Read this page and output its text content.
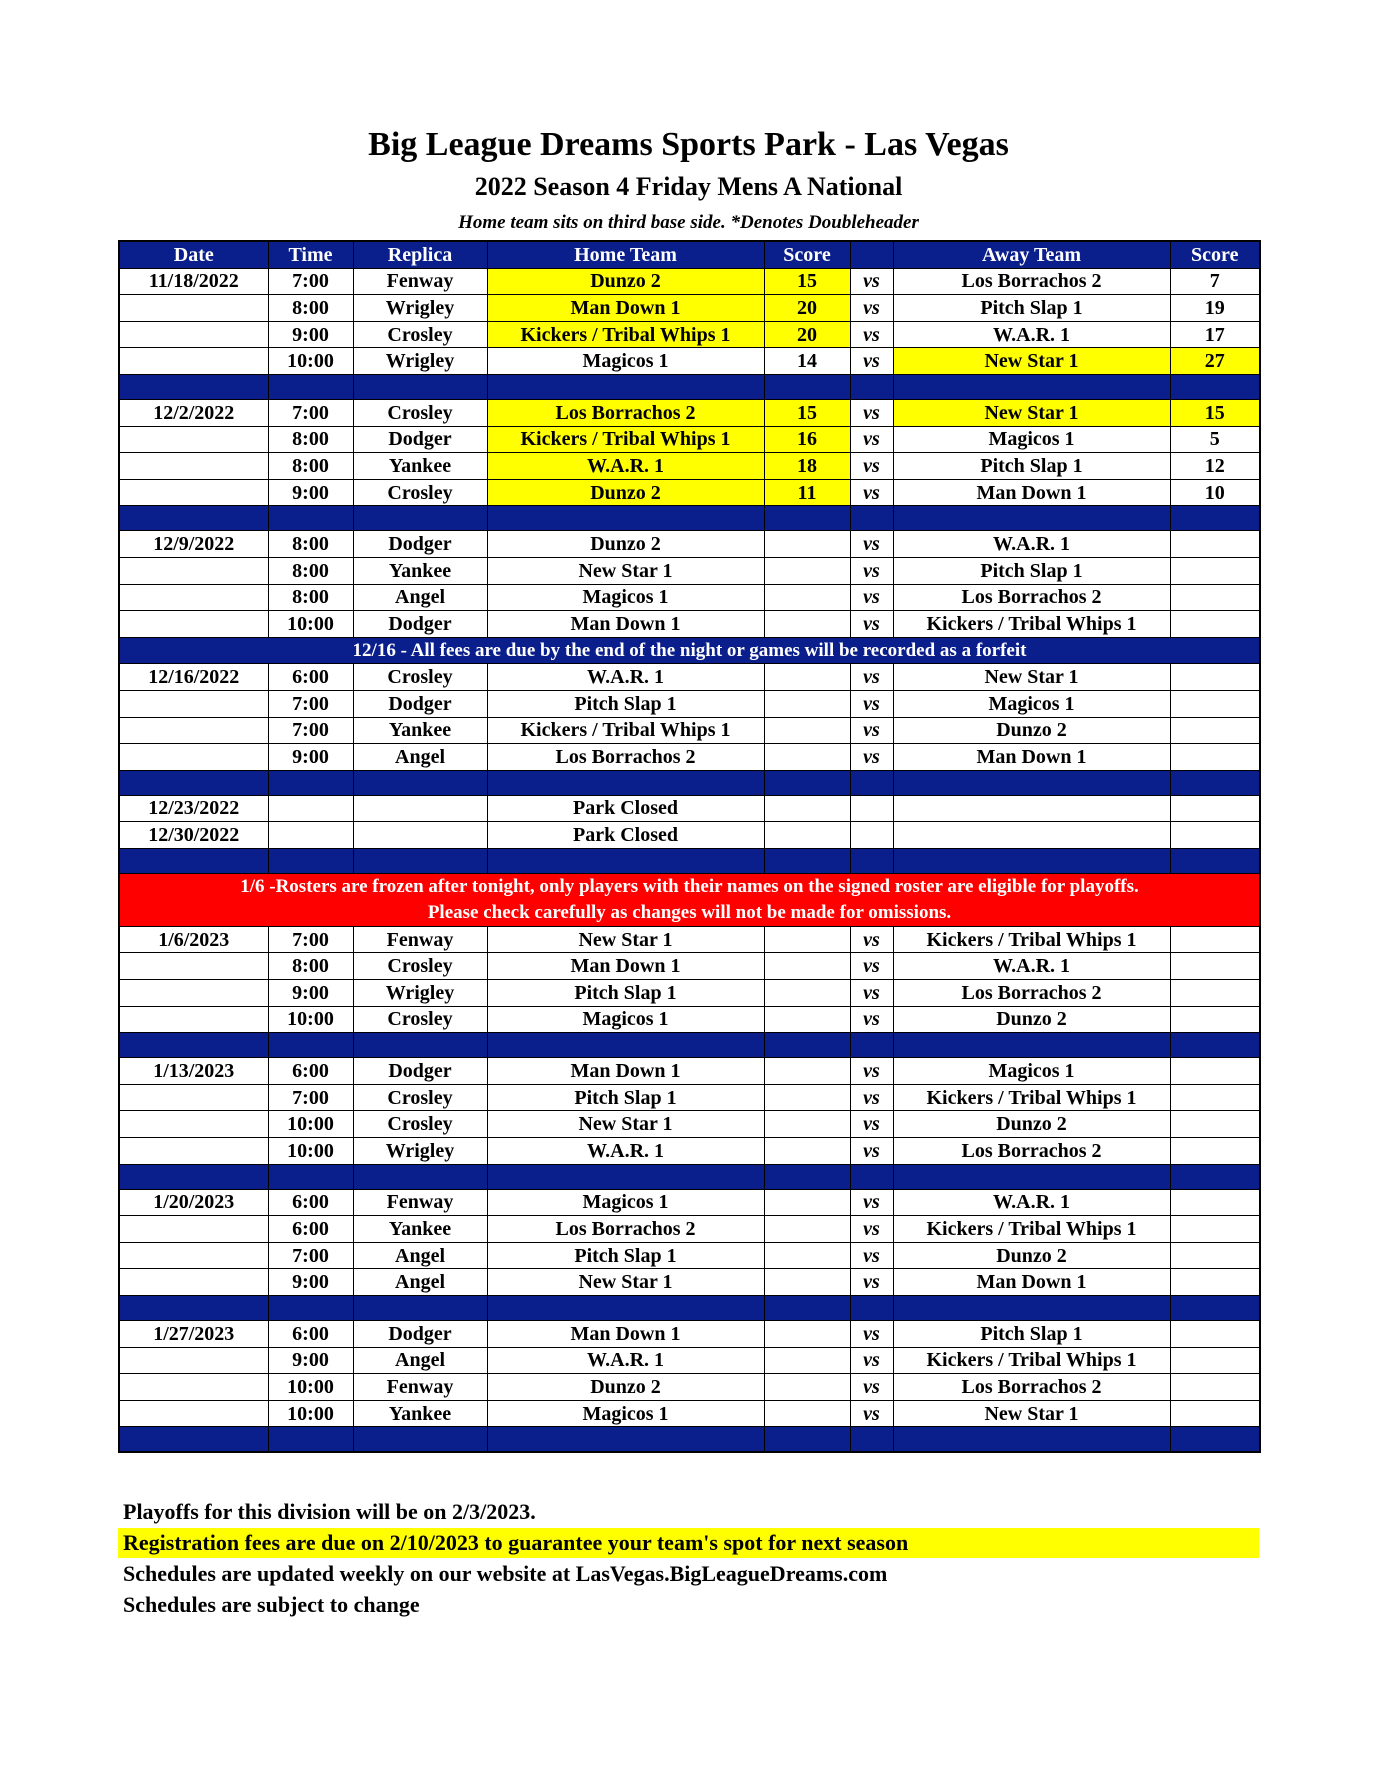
Big League Dreams Sports Park - Las Vegas
2022 Season 4 Friday Mens A National
Home team sits on third base side. *Denotes Doubleheader
Date	Time	Replica	Home Team	Score		Away Team	Score
11/18/2022	7:00	Fenway	Dunzo 2	15	vs	Los Borrachos 2	7
	8:00	Wrigley	Man Down 1	20	vs	Pitch Slap 1	19
	9:00	Crosley	Kickers / Tribal Whips 1	20	vs	W.A.R. 1	17
	10:00	Wrigley	Magicos 1	14	vs	New Star 1	27

12/2/2022	7:00	Crosley	Los Borrachos 2	15	vs	New Star 1	15
	8:00	Dodger	Kickers / Tribal Whips 1	16	vs	Magicos 1	5
	8:00	Yankee	W.A.R. 1	18	vs	Pitch Slap 1	12
	9:00	Crosley	Dunzo 2	11	vs	Man Down 1	10

12/9/2022	8:00	Dodger	Dunzo 2		vs	W.A.R. 1	
	8:00	Yankee	New Star 1		vs	Pitch Slap 1	
	8:00	Angel	Magicos 1		vs	Los Borrachos 2	
	10:00	Dodger	Man Down 1		vs	Kickers / Tribal Whips 1	
12/16 - All fees are due by the end of the night or games will be recorded as a forfeit							
12/16/2022	6:00	Crosley	W.A.R. 1		vs	New Star 1	
	7:00	Dodger	Pitch Slap 1		vs	Magicos 1	
	7:00	Yankee	Kickers / Tribal Whips 1		vs	Dunzo 2	
	9:00	Angel	Los Borrachos 2		vs	Man Down 1	

12/23/2022			Park Closed				
12/30/2022			Park Closed				

1/6 -Rosters are frozen after tonight, only players with their names on the signed roster are eligible for playoffs.
Please check carefully as changes will not be made for omissions.							

1/6/2023	7:00	Fenway	New Star 1		vs	Kickers / Tribal Whips 1	
	8:00	Crosley	Man Down 1		vs	W.A.R. 1	
	9:00	Wrigley	Pitch Slap 1		vs	Los Borrachos 2	
	10:00	Crosley	Magicos 1		vs	Dunzo 2	

1/13/2023	6:00	Dodger	Man Down 1		vs	Magicos 1	
	7:00	Crosley	Pitch Slap 1		vs	Kickers / Tribal Whips 1	
	10:00	Crosley	New Star 1		vs	Dunzo 2	
	10:00	Wrigley	W.A.R. 1		vs	Los Borrachos 2	

1/20/2023	6:00	Fenway	Magicos 1		vs	W.A.R. 1	
	6:00	Yankee	Los Borrachos 2		vs	Kickers / Tribal Whips 1	
	7:00	Angel	Pitch Slap 1		vs	Dunzo 2	
	9:00	Angel	New Star 1		vs	Man Down 1	

1/27/2023	6:00	Dodger	Man Down 1		vs	Pitch Slap 1	
	9:00	Angel	W.A.R. 1		vs	Kickers / Tribal Whips 1	
	10:00	Fenway	Dunzo 2		vs	Los Borrachos 2	
	10:00	Yankee	Magicos 1		vs	New Star 1	

Playoffs for this division will be on 2/3/2023.
Registration fees are due on 2/10/2023 to guarantee your team's spot for next season
Schedules are updated weekly on our website at LasVegas.BigLeagueDreams.com
Schedules are subject to change
